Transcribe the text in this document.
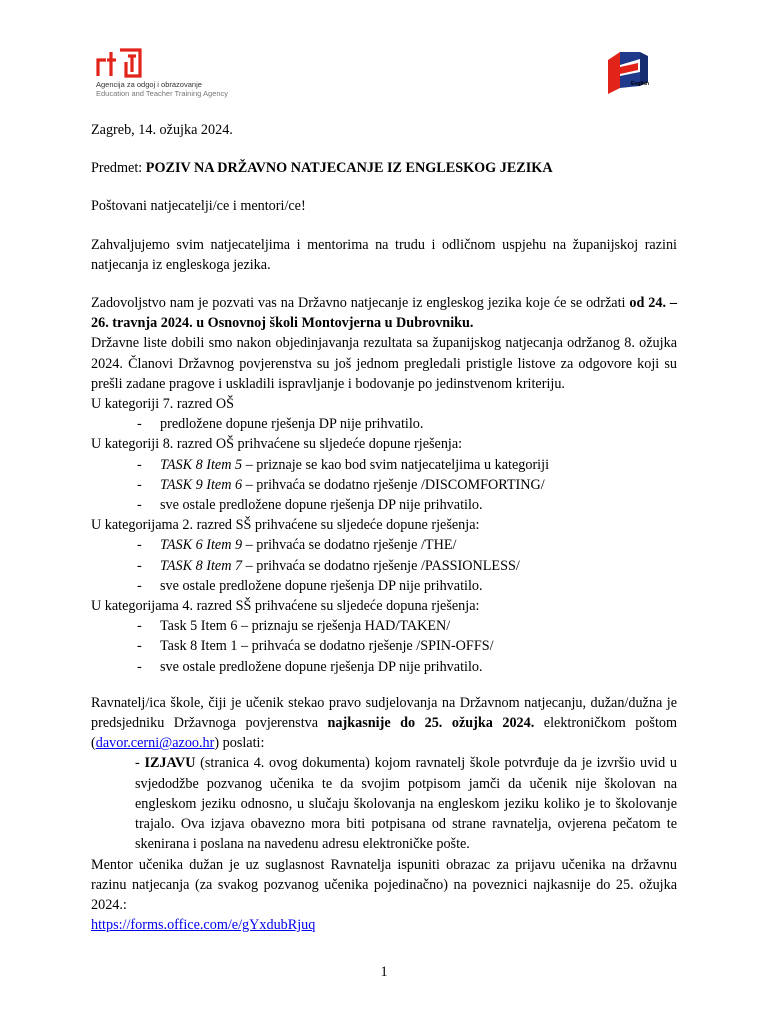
Agencija za odgoj i obrazovanje
Education and Teacher Training Agency
English

Zagreb, 14. ožujka 2024.

Predmet: POZIV NA DRŽAVNO NATJECANJE IZ ENGLESKOG JEZIKA

Poštovani natjecatelji/ce i mentori/ce!

Zahvaljujemo svim natjecateljima i mentorima na trudu i odličnom uspjehu na županijskoj razini natjecanja iz engleskoga jezika.

Zadovoljstvo nam je pozvati vas na Državno natjecanje iz engleskog jezika koje će se održati od 24. – 26. travnja 2024. u Osnovnoj školi Montovjerna u Dubrovniku.

Državne liste dobili smo nakon objedinjavanja rezultata sa županijskog natjecanja održanog 8. ožujka 2024. Članovi Državnog povjerenstva su još jednom pregledali pristigle listove za odgovore koji su prešli zadane pragove i uskladili ispravljanje i bodovanje po jedinstvenom kriteriju.

U kategoriji 7. razred OŠ

- predložene dopune rješenja DP nije prihvatilo.

U kategoriji 8. razred OŠ prihvaćene su sljedeće dopune rješenja:

- TASK 8 Item 5 – priznaje se kao bod svim natjecateljima u kategoriji

- TASK 9 Item 6 – prihvaća se dodatno rješenje /DISCOMFORTING/

- sve ostale predložene dopune rješenja DP nije prihvatilo.

U kategorijama 2. razred SŠ prihvaćene su sljedeće dopune rješenja:

- TASK 6 Item 9 – prihvaća se dodatno rješenje /THE/

- TASK 8 Item 7 – prihvaća se dodatno rješenje /PASSIONLESS/

- sve ostale predložene dopune rješenja DP nije prihvatilo.

U kategorijama 4. razred SŠ prihvaćene su sljedeće dopuna rješenja:

- Task 5 Item 6 – priznaju se rješenja HAD/TAKEN/

- Task 8 Item 1 – prihvaća se dodatno rješenje /SPIN-OFFS/

- sve ostale predložene dopune rješenja DP nije prihvatilo.

Ravnatelj/ica škole, čiji je učenik stekao pravo sudjelovanja na Državnom natjecanju, dužan/dužna je predsjedniku Državnoga povjerenstva najkasnije do 25. ožujka 2024. elektroničkom poštom (davor.cerni@azoo.hr) poslati:

- IZJAVU (stranica 4. ovog dokumenta) kojom ravnatelj škole potvrđuje da je izvršio uvid u svjedodžbe pozvanog učenika te da svojim potpisom jamči da učenik nije školovan na engleskom jeziku odnosno, u slučaju školovanja na engleskom jeziku koliko je to školovanje trajalo. Ova izjava obavezno mora biti potpisana od strane ravnatelja, ovjerena pečatom te skenirana i poslana na navedenu adresu elektroničke pošte.

Mentor učenika dužan je uz suglasnost Ravnatelja ispuniti obrazac za prijavu učenika na državnu razinu natjecanja (za svakog pozvanog učenika pojedinačno) na poveznici najkasnije do 25. ožujka 2024.:

https://forms.office.com/e/gYxdubRjuq

1
